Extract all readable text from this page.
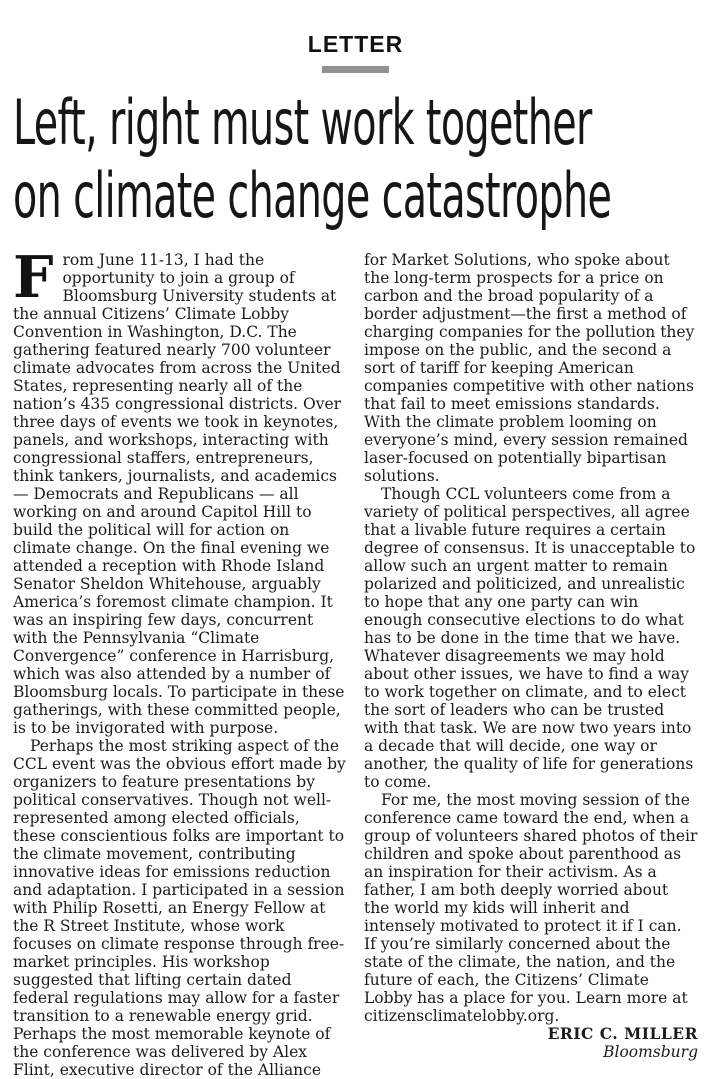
LETTER
Left, right must work together
on climate change catastrophe

From June 11-13, I had the opportunity to join a group of Bloomsburg University students at the annual Citizens’ Climate Lobby Convention in Washington, D.C. The gathering featured nearly 700 volunteer climate advocates from across the United States, representing nearly all of the nation’s 435 congressional districts. Over three days of events we took in keynotes, panels, and workshops, interacting with congressional staffers, entrepreneurs, think tankers, journalists, and academics — Democrats and Republicans — all working on and around Capitol Hill to build the political will for action on climate change. On the final evening we attended a reception with Rhode Island Senator Sheldon Whitehouse, arguably America’s foremost climate champion. It was an inspiring few days, concurrent with the Pennsylvania “Climate Convergence” conference in Harrisburg, which was also attended by a number of Bloomsburg locals. To participate in these gatherings, with these committed people, is to be invigorated with purpose.

Perhaps the most striking aspect of the CCL event was the obvious effort made by organizers to feature presentations by political conservatives. Though not well-represented among elected officials, these conscientious folks are important to the climate movement, contributing innovative ideas for emissions reduction and adaptation. I participated in a session with Philip Rosetti, an Energy Fellow at the R Street Institute, whose work focuses on climate response through free-market principles. His workshop suggested that lifting certain dated federal regulations may allow for a faster transition to a renewable energy grid. Perhaps the most memorable keynote of the conference was delivered by Alex Flint, executive director of the Alliance for Market Solutions, who spoke about the long-term prospects for a price on carbon and the broad popularity of a border adjustment—the first a method of charging companies for the pollution they impose on the public, and the second a sort of tariff for keeping American companies competitive with other nations that fail to meet emissions standards. With the climate problem looming on everyone’s mind, every session remained laser-focused on potentially bipartisan solutions.

Though CCL volunteers come from a variety of political perspectives, all agree that a livable future requires a certain degree of consensus. It is unacceptable to allow such an urgent matter to remain polarized and politicized, and unrealistic to hope that any one party can win enough consecutive elections to do what has to be done in the time that we have. Whatever disagreements we may hold about other issues, we have to find a way to work together on climate, and to elect the sort of leaders who can be trusted with that task. We are now two years into a decade that will decide, one way or another, the quality of life for generations to come.

For me, the most moving session of the conference came toward the end, when a group of volunteers shared photos of their children and spoke about parenthood as an inspiration for their activism. As a father, I am both deeply worried about the world my kids will inherit and intensely motivated to protect it if I can. If you’re similarly concerned about the state of the climate, the nation, and the future of each, the Citizens’ Climate Lobby has a place for you. Learn more at citizensclimatelobby.org.

ERIC C. MILLER
Bloomsburg
